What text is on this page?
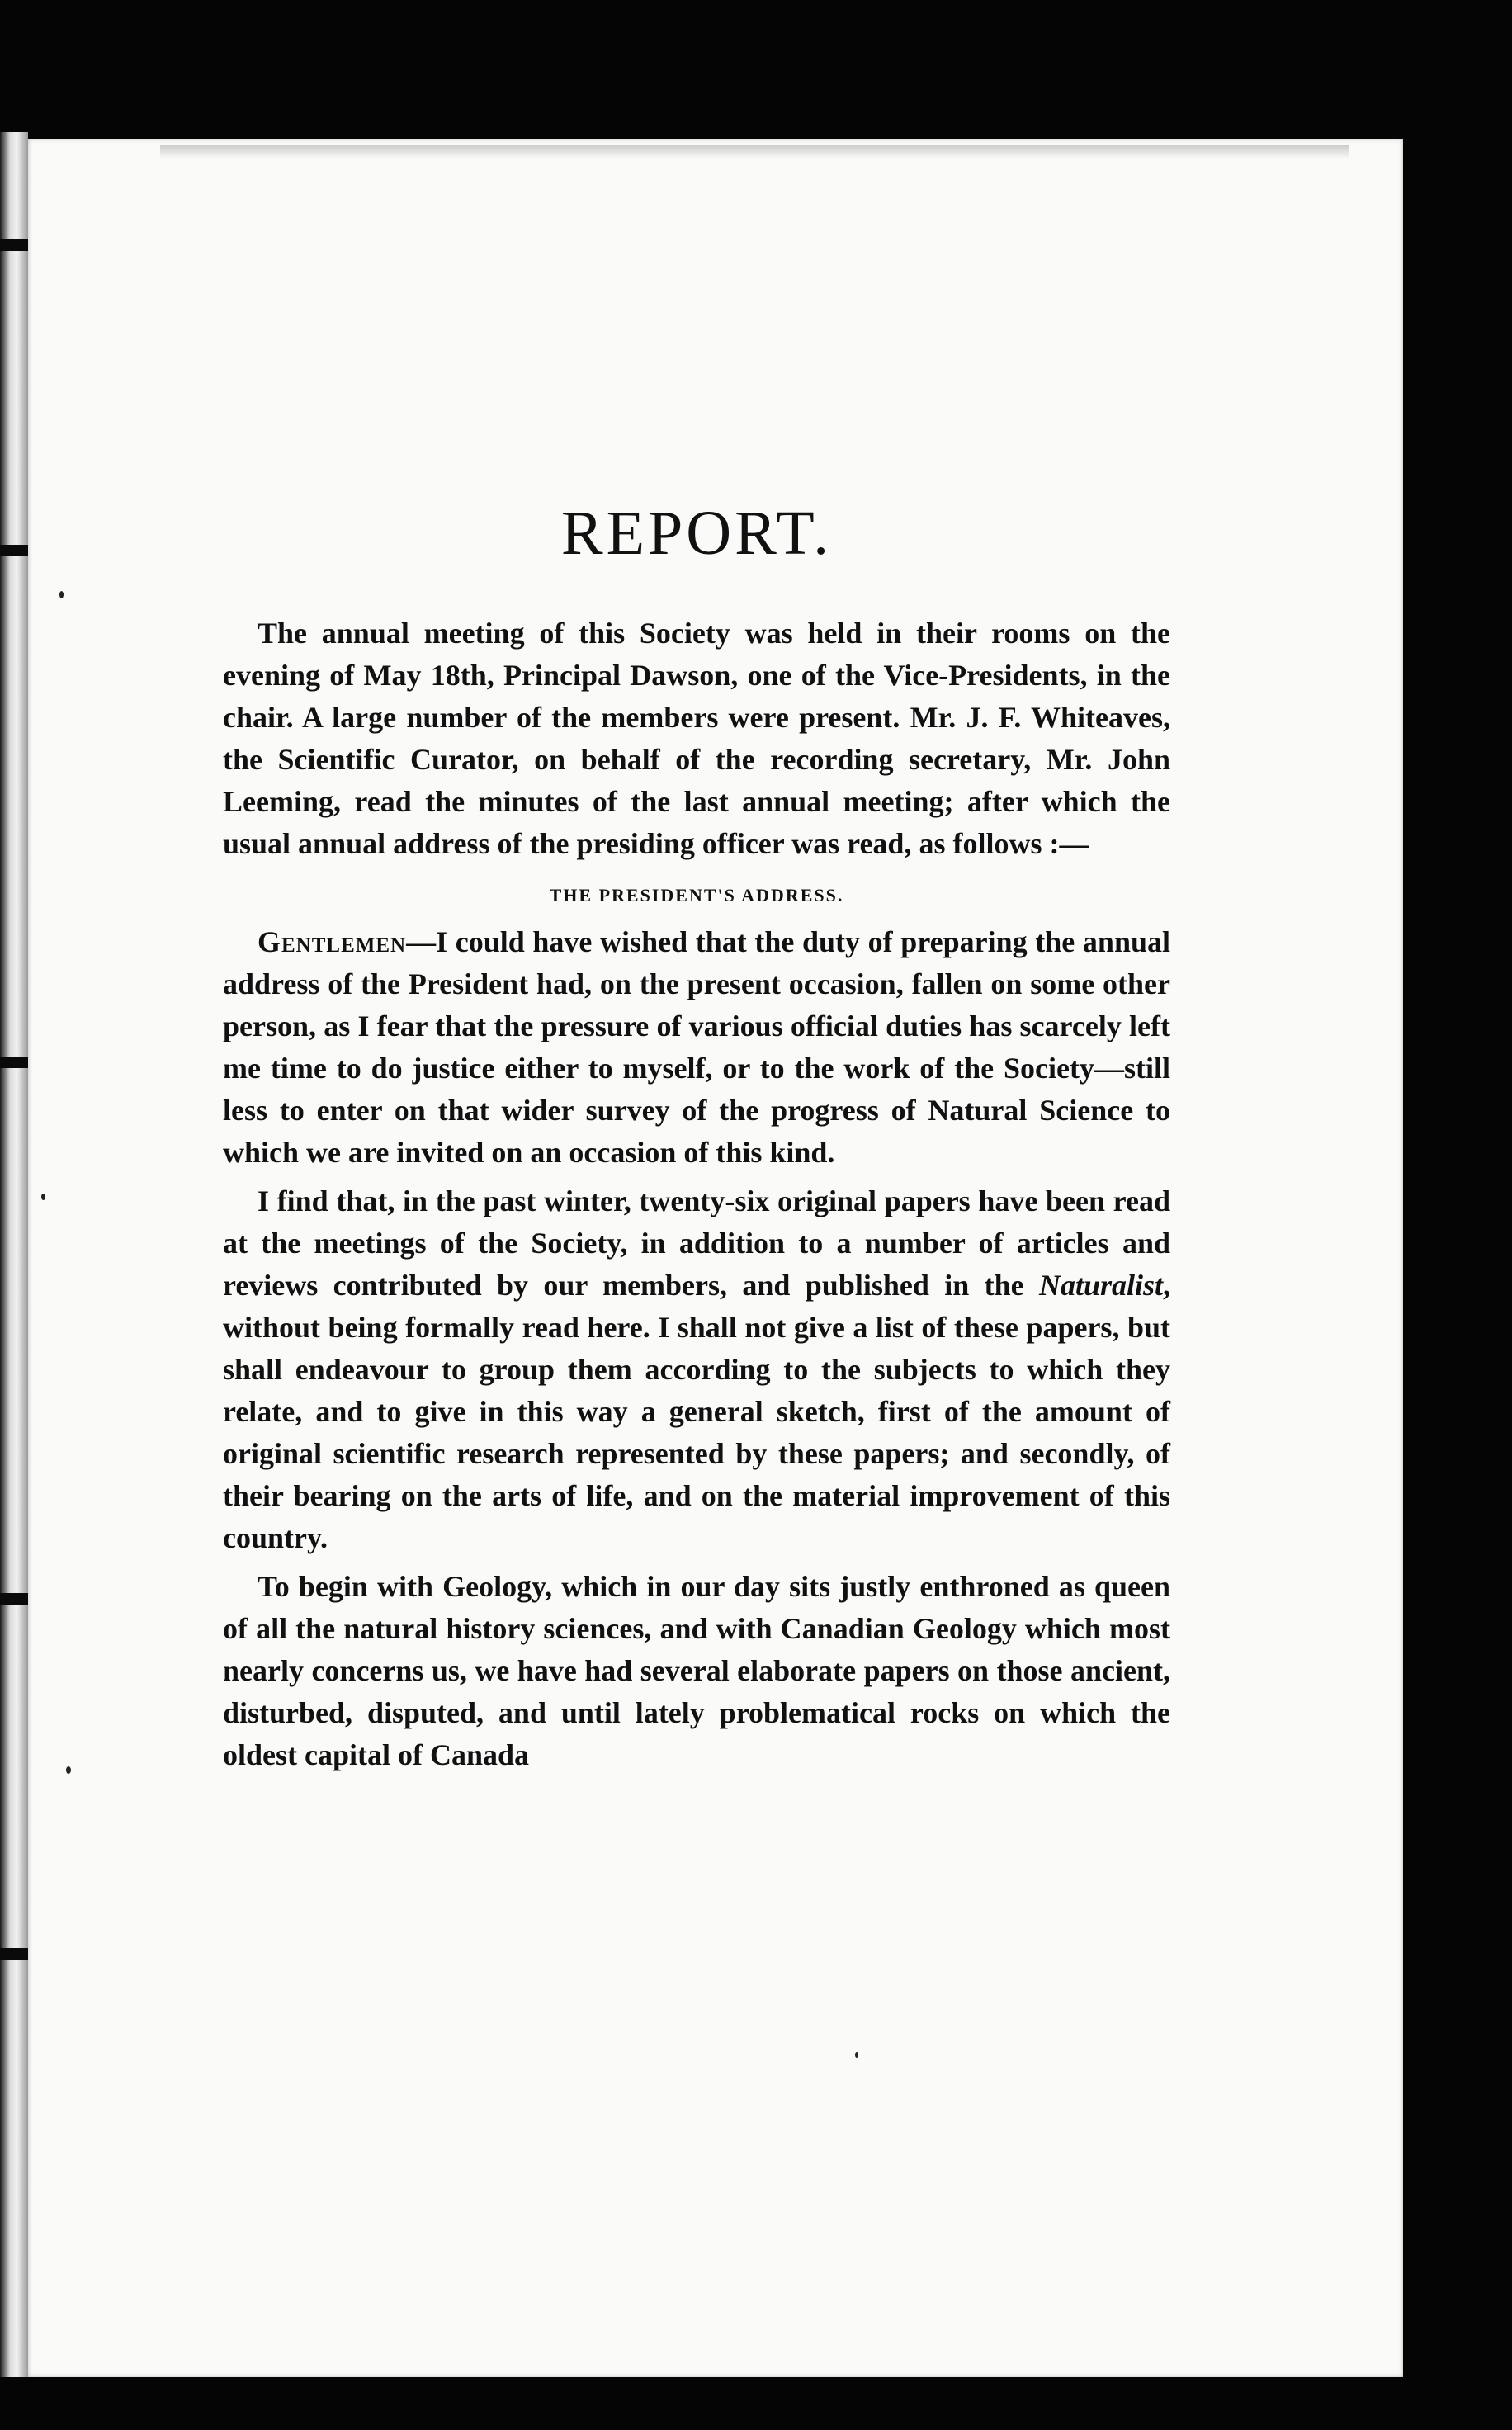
REPORT.

The annual meeting of this Society was held in their rooms on the evening of May 18th, Principal Dawson, one of the Vice-Presidents, in the chair. A large number of the members were present. Mr. J. F. Whiteaves, the Scientific Curator, on behalf of the recording secretary, Mr. John Leeming, read the minutes of the last annual meeting; after which the usual annual address of the presiding officer was read, as follows :—

THE PRESIDENT'S ADDRESS.

Gentlemen—I could have wished that the duty of preparing the annual address of the President had, on the present occasion, fallen on some other person, as I fear that the pressure of various official duties has scarcely left me time to do justice either to myself, or to the work of the Society—still less to enter on that wider survey of the progress of Natural Science to which we are invited on an occasion of this kind.

I find that, in the past winter, twenty-six original papers have been read at the meetings of the Society, in addition to a number of articles and reviews contributed by our members, and published in the Naturalist, without being formally read here. I shall not give a list of these papers, but shall endeavour to group them according to the subjects to which they relate, and to give in this way a general sketch, first of the amount of original scientific research represented by these papers; and secondly, of their bearing on the arts of life, and on the material improvement of this country.

To begin with Geology, which in our day sits justly enthroned as queen of all the natural history sciences, and with Canadian Geology which most nearly concerns us, we have had several elaborate papers on those ancient, disturbed, disputed, and until lately problematical rocks on which the oldest capital of Canada
